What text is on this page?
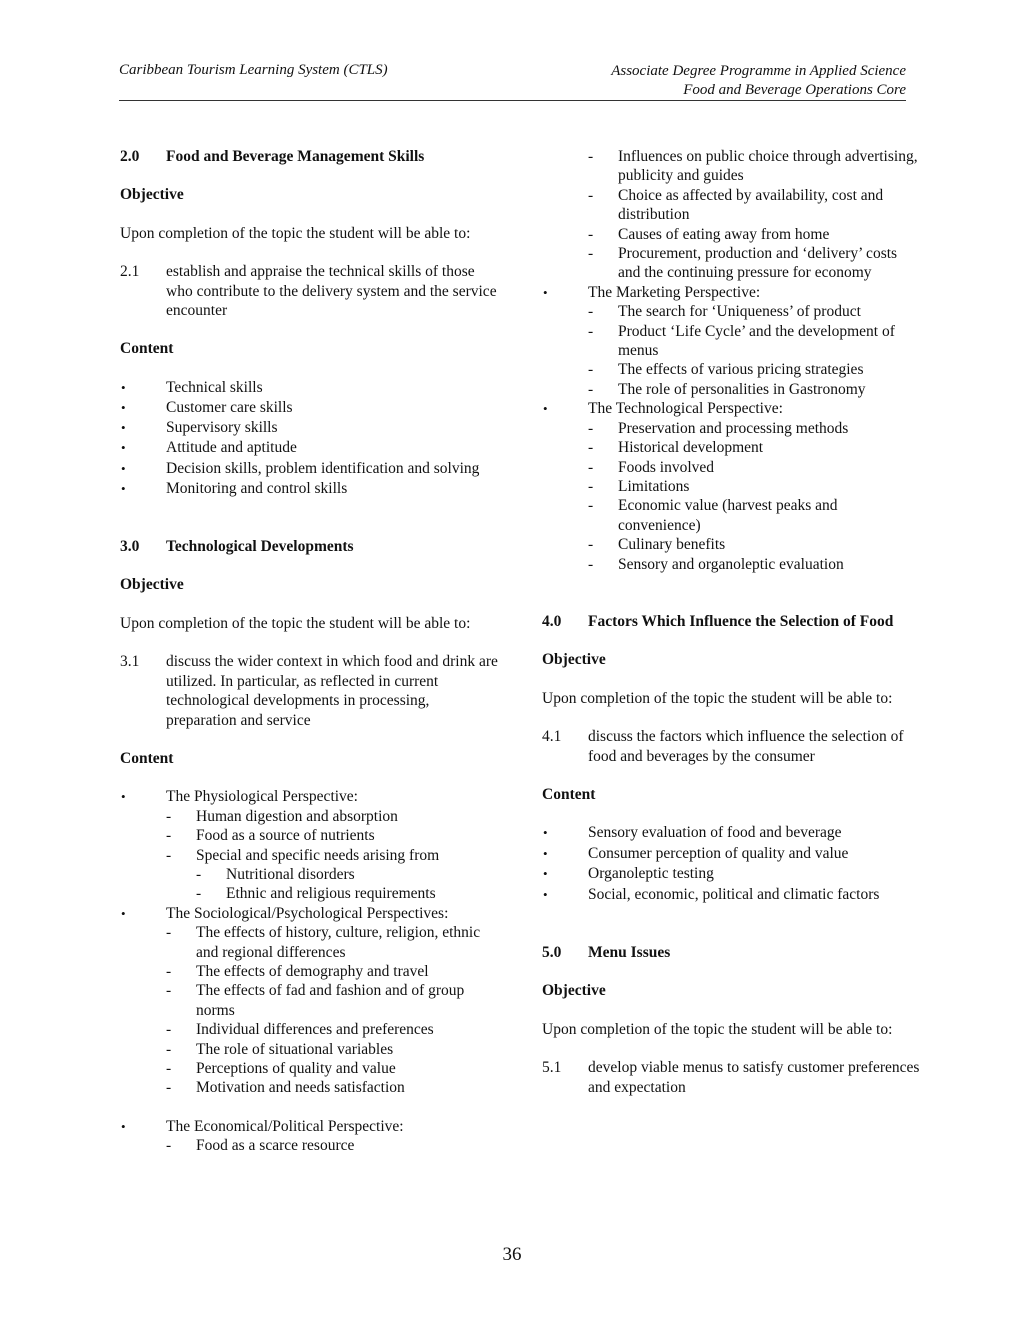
Caribbean Tourism Learning System (CTLS)	Associate Degree Programme in Applied Science
Food and Beverage Operations Core
2.0	Food and Beverage Management Skills
Objective
Upon completion of the topic the student will be able to:
2.1	establish and appraise the technical skills of those who contribute to the delivery system and the service encounter
Content
•	Technical skills
•	Customer care skills
•	Supervisory skills
•	Attitude and aptitude
•	Decision skills, problem identification and solving
•	Monitoring and control skills
3.0	Technological Developments
Objective
Upon completion of the topic the student will be able to:
3.1	discuss the wider context in which food and drink are utilized. In particular, as reflected in current technological developments in processing, preparation and service
Content
•	The Physiological Perspective:
- Human digestion and absorption
- Food as a source of nutrients
- Special and specific needs arising from
- Nutritional disorders
- Ethnic and religious requirements
•	The Sociological/Psychological Perspectives:
- The effects of history, culture, religion, ethnic and regional differences
- The effects of demography and travel
- The effects of fad and fashion and of group norms
- Individual differences and preferences
- The role of situational variables
- Perceptions of quality and value
- Motivation and needs satisfaction
•	The Economical/Political Perspective:
- Food as a scarce resource
- Influences on public choice through advertising, publicity and guides
- Choice as affected by availability, cost and distribution
- Causes of eating away from home
- Procurement, production and ‘delivery’ costs and the continuing pressure for economy
•	The Marketing Perspective:
- The search for ‘Uniqueness’ of product
- Product ‘Life Cycle’ and the development of menus
- The effects of various pricing strategies
- The role of personalities in Gastronomy
•	The Technological Perspective:
- Preservation and processing methods
- Historical development
- Foods involved
- Limitations
- Economic value (harvest peaks and convenience)
- Culinary benefits
- Sensory and organoleptic evaluation
4.0	Factors Which Influence the Selection of Food
Objective
Upon completion of the topic the student will be able to:
4.1	discuss the factors which influence the selection of food and beverages by the consumer
Content
•	Sensory evaluation of food and beverage
•	Consumer perception of quality and value
•	Organoleptic testing
•	Social, economic, political and climatic factors
5.0	Menu Issues
Objective
Upon completion of the topic the student will be able to:
5.1	develop viable menus to satisfy customer preferences and expectation
36
